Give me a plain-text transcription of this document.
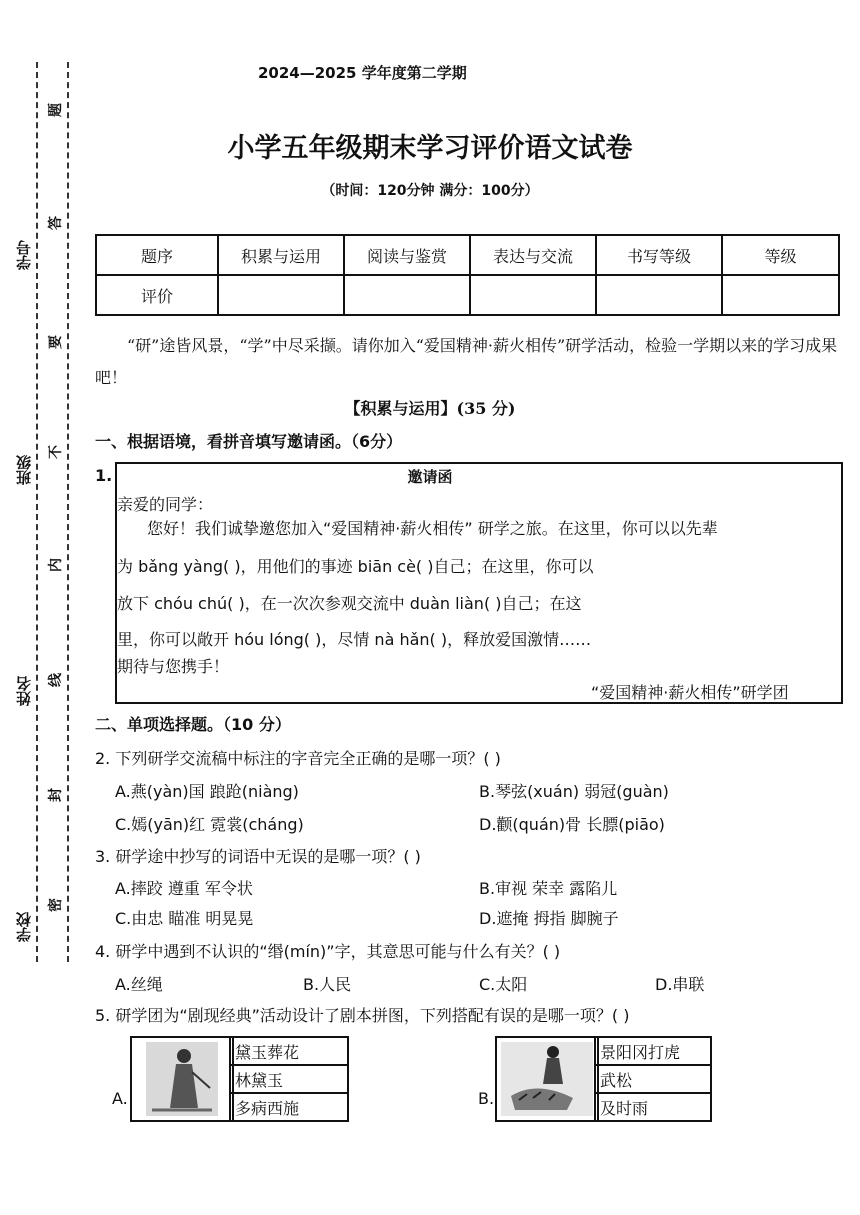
学号
班级
姓名
学校
题
答
要
不
内
线
封
密
2024—2025 学年度第二学期
小学五年级期末学习评价语文试卷
（时间：120分钟 满分：100分）
题序	积累与运用	阅读与鉴赏	表达与交流	书写等级	等级
评价					
“研”途皆风景，“学”中尽采撷。请你加入“爱国精神·薪火相传”研学活动，检验一学期以来的学习成果吧！
【积累与运用】(35 分)
一、根据语境，看拼音填写邀请函。（6分）
1.	邀请函
亲爱的同学：
您好！我们诚挚邀您加入“爱国精神·薪火相传” 研学之旅。在这里，你可以以先辈
为 bǎng yàng( )，用他们的事迹 biān cè( )自己；在这里，你可以
放下 chóu chú( )，在一次次参观交流中 duàn liàn( )自己；在这
里，你可以敞开 hóu lóng( )，尽情 nà hǎn( )，释放爱国激情……
期待与您携手！
“爱国精神·薪火相传”研学团
二、单项选择题。（10 分）
2. 下列研学交流稿中标注的字音完全正确的是哪一项？( )
A.燕(yàn)国 踉跄(niàng)	B.琴弦(xuán) 弱冠(guàn)
C.嫣(yān)红 霓裳(cháng)	D.颧(quán)骨 长膘(piāo)
3. 研学途中抄写的词语中无误的是哪一项？( )
A.摔跤 遵重 军令状	B.审视 荣幸 露陷儿
C.由忠 瞄准 明晃晃	D.遮掩 拇指 脚腕子
4. 研学中遇到不认识的“缗(mín)”字，其意思可能与什么有关？( )
A.丝绳	B.人民	C.太阳	D.串联
5. 研学团为“剧现经典”活动设计了剧本拼图，下列搭配有误的是哪一项？( )
A.
黛玉葬花
林黛玉
多病西施	B.
景阳冈打虎
武松
及时雨
